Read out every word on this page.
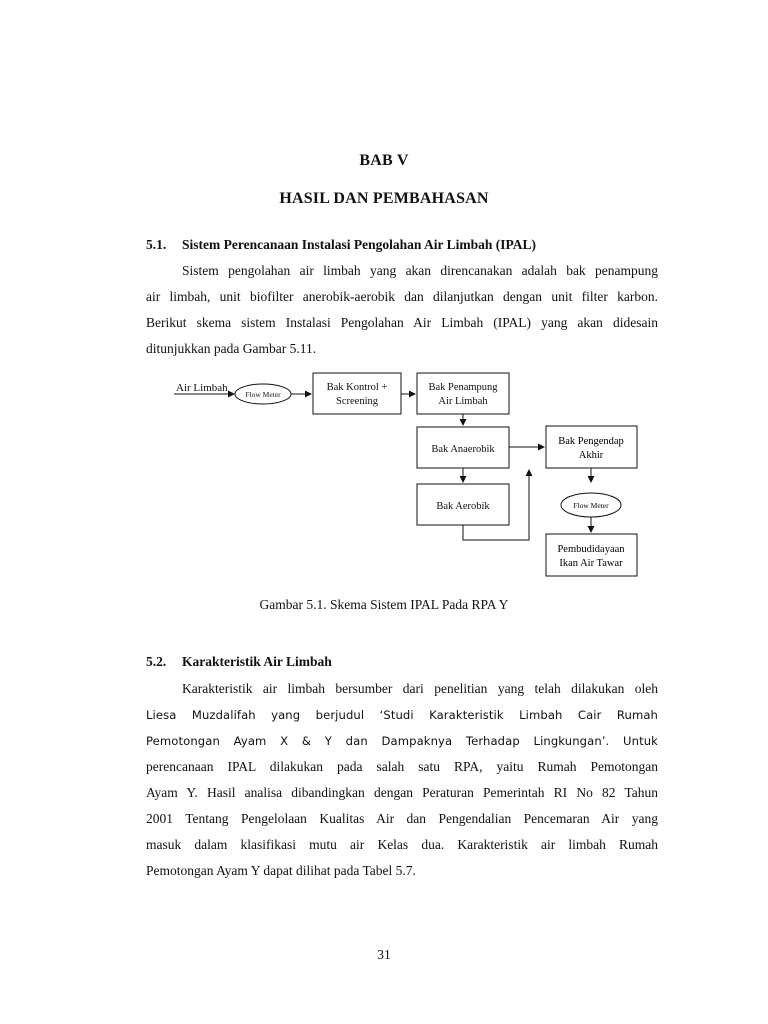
BAB V
HASIL DAN PEMBAHASAN
5.1. Sistem Perencanaan Instalasi Pengolahan Air Limbah (IPAL)
Sistem pengolahan air limbah yang akan direncanakan adalah bak penampung
air limbah, unit biofilter anerobik-aerobik dan dilanjutkan dengan unit filter karbon.
Berikut skema sistem Instalasi Pengolahan Air Limbah (IPAL) yang akan didesain
ditunjukkan pada Gambar 5.11.
Air Limbah
Flow Meter
Bak Kontrol +
Screening
Bak Penampung
Air Limbah
Bak Anaerobik
Bak Aerobik
Bak Pengendap
Akhir
Flow Meter
Pembudidayaan
Ikan Air Tawar
Gambar 5.1. Skema Sistem IPAL Pada RPA Y
5.2. Karakteristik Air Limbah
Karakteristik air limbah bersumber dari penelitian yang telah dilakukan oleh
Liesa Muzdalifah yang berjudul ‘Studi Karakteristik Limbah Cair Rumah
Pemotongan Ayam X & Y dan Dampaknya Terhadap Lingkungan’. Untuk
perencanaan IPAL dilakukan pada salah satu RPA, yaitu Rumah Pemotongan
Ayam Y. Hasil analisa dibandingkan dengan Peraturan Pemerintah RI No 82 Tahun
2001 Tentang Pengelolaan Kualitas Air dan Pengendalian Pencemaran Air yang
masuk dalam klasifikasi mutu air Kelas dua. Karakteristik air limbah Rumah
Pemotongan Ayam Y dapat dilihat pada Tabel 5.7.
31
